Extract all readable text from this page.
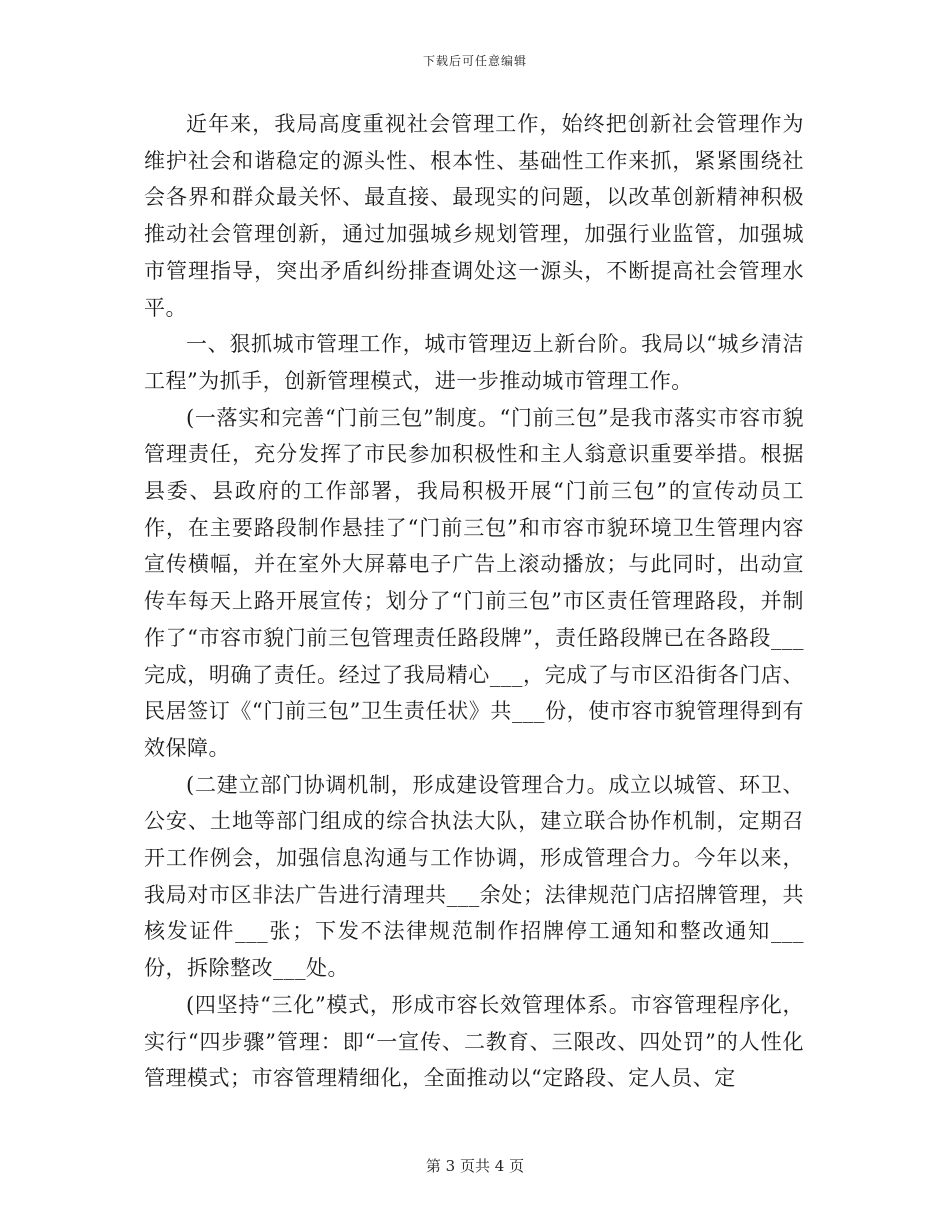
下载后可任意编辑

近年来，我局高度重视社会管理工作，始终把创新社会管理作为维护社会和谐稳定的源头性、根本性、基础性工作来抓，紧紧围绕社会各界和群众最关怀、最直接、最现实的问题，以改革创新精神积极推动社会管理创新，通过加强城乡规划管理，加强行业监管，加强城市管理指导，突出矛盾纠纷排查调处这一源头，不断提高社会管理水平。

一、狠抓城市管理工作，城市管理迈上新台阶。我局以“城乡清洁工程”为抓手，创新管理模式，进一步推动城市管理工作。

(一落实和完善“门前三包”制度。“门前三包”是我市落实市容市貌管理责任，充分发挥了市民参加积极性和主人翁意识重要举措。根据县委、县政府的工作部署，我局积极开展“门前三包”的宣传动员工作，在主要路段制作悬挂了“门前三包”和市容市貌环境卫生管理内容宣传横幅，并在室外大屏幕电子广告上滚动播放；与此同时，出动宣传车每天上路开展宣传；划分了“门前三包”市区责任管理路段，并制作了“市容市貌门前三包管理责任路段牌”，责任路段牌已在各路段___完成，明确了责任。经过了我局精心___，完成了与市区沿街各门店、民居签订《“门前三包”卫生责任状》共___份，使市容市貌管理得到有效保障。

(二建立部门协调机制，形成建设管理合力。成立以城管、环卫、公安、土地等部门组成的综合执法大队，建立联合协作机制，定期召开工作例会，加强信息沟通与工作协调，形成管理合力。今年以来，我局对市区非法广告进行清理共___余处；法律规范门店招牌管理，共核发证件___张；下发不法律规范制作招牌停工通知和整改通知___份，拆除整改___处。

(四坚持“三化”模式，形成市容长效管理体系。市容管理程序化，实行“四步骤”管理：即“一宣传、二教育、三限改、四处罚”的人性化管理模式；市容管理精细化，全面推动以“定路段、定人员、定

第 3 页共 4 页
